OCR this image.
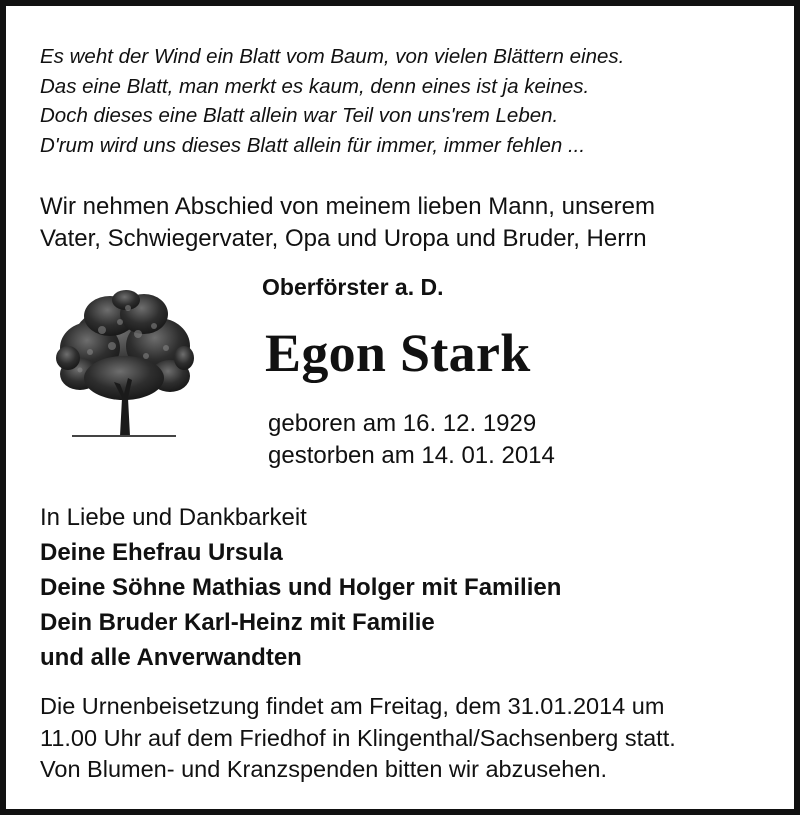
Es weht der Wind ein Blatt vom Baum, von vielen Blättern eines.
Das eine Blatt, man merkt es kaum, denn eines ist ja keines.
Doch dieses eine Blatt allein war Teil von uns'rem Leben.
D'rum wird uns dieses Blatt allein für immer, immer fehlen ...
Wir nehmen Abschied von meinem lieben Mann, unserem
Vater, Schwiegervater, Opa und Uropa und Bruder, Herrn
Oberförster a. D.
Egon Stark
geboren am 16. 12. 1929
gestorben am 14. 01. 2014
In Liebe und Dankbarkeit
Deine Ehefrau Ursula
Deine Söhne Mathias und Holger mit Familien
Dein Bruder Karl-Heinz mit Familie
und alle Anverwandten
Die Urnenbeisetzung findet am Freitag, dem 31.01.2014 um
11.00 Uhr auf dem Friedhof in Klingenthal/Sachsenberg statt.
Von Blumen- und Kranzspenden bitten wir abzusehen.
